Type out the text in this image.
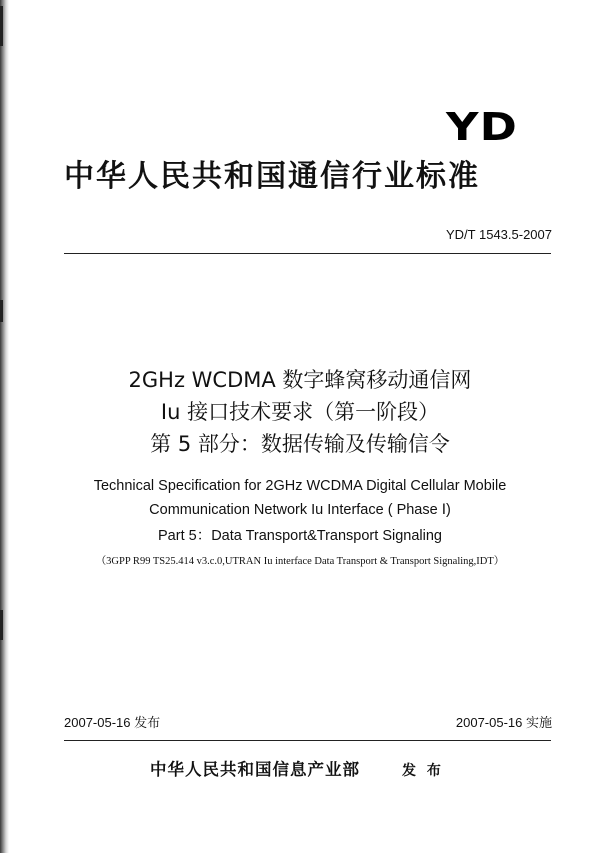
YD
中华人民共和国通信行业标准
YD/T 1543.5-2007
2GHz WCDMA 数字蜂窝移动通信网
Iu 接口技术要求（第一阶段）
第 5 部分：数据传输及传输信令
Technical Specification for 2GHz WCDMA Digital Cellular Mobile
Communication Network Iu Interface ( Phase Ⅰ)
Part 5：Data Transport&Transport Signaling
（3GPP R99 TS25.414 v3.c.0,UTRAN Iu interface Data Transport & Transport Signaling,IDT）
2007-05-16 发布	2007-05-16 实施
中华人民共和国信息产业部	发 布
